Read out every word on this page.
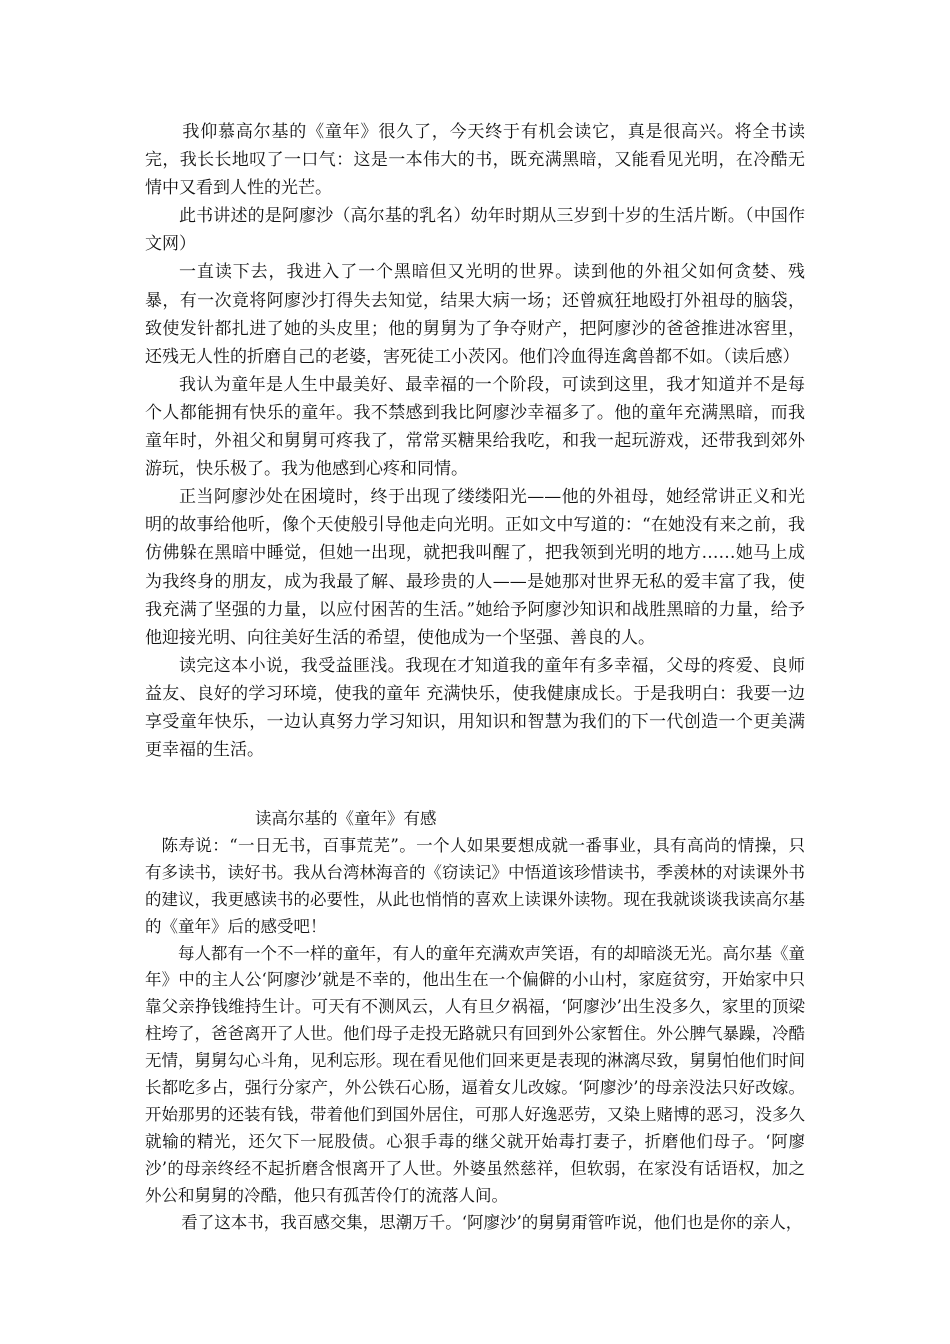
我仰慕高尔基的《童年》很久了，今天终于有机会读它，真是很高兴。将全书读完，我长长地叹了一口气：这是一本伟大的书，既充满黑暗，又能看见光明，在冷酷无情中又看到人性的光芒。

此书讲述的是阿廖沙（高尔基的乳名）幼年时期从三岁到十岁的生活片断。（中国作文网）

一直读下去，我进入了一个黑暗但又光明的世界。读到他的外祖父如何贪婪、残暴，有一次竟将阿廖沙打得失去知觉，结果大病一场；还曾疯狂地殴打外祖母的脑袋，致使发针都扎进了她的头皮里；他的舅舅为了争夺财产，把阿廖沙的爸爸推进冰窖里，还残无人性的折磨自己的老婆，害死徒工小茨冈。他们冷血得连禽兽都不如。（读后感）

我认为童年是人生中最美好、最幸福的一个阶段，可读到这里，我才知道并不是每个人都能拥有快乐的童年。我不禁感到我比阿廖沙幸福多了。他的童年充满黑暗，而我童年时，外祖父和舅舅可疼我了，常常买糖果给我吃，和我一起玩游戏，还带我到郊外游玩，快乐极了。我为他感到心疼和同情。

正当阿廖沙处在困境时，终于出现了缕缕阳光——他的外祖母，她经常讲正义和光明的故事给他听，像个天使般引导他走向光明。正如文中写道的：“在她没有来之前，我仿佛躲在黑暗中睡觉，但她一出现，就把我叫醒了，把我领到光明的地方……她马上成为我终身的朋友，成为我最了解、最珍贵的人——是她那对世界无私的爱丰富了我，使我充满了坚强的力量，以应付困苦的生活。”她给予阿廖沙知识和战胜黑暗的力量，给予他迎接光明、向往美好生活的希望，使他成为一个坚强、善良的人。

读完这本小说，我受益匪浅。我现在才知道我的童年有多幸福，父母的疼爱、良师益友、良好的学习环境，使我的童年 充满快乐，使我健康成长。于是我明白：我要一边享受童年快乐，一边认真努力学习知识，用知识和智慧为我们的下一代创造一个更美满更幸福的生活。

读高尔基的《童年》有感

陈寿说：“一日无书，百事荒芜”。一个人如果要想成就一番事业，具有高尚的情操，只有多读书，读好书。我从台湾林海音的《窃读记》中悟道该珍惜读书，季羡林的对读课外书的建议，我更感读书的必要性，从此也悄悄的喜欢上读课外读物。现在我就谈谈我读高尔基的《童年》后的感受吧！

每人都有一个不一样的童年，有人的童年充满欢声笑语，有的却暗淡无光。高尔基《童年》中的主人公‘阿廖沙’就是不幸的，他出生在一个偏僻的小山村，家庭贫穷，开始家中只靠父亲挣钱维持生计。可天有不测风云，人有旦夕祸福，‘阿廖沙’出生没多久，家里的顶梁柱垮了，爸爸离开了人世。他们母子走投无路就只有回到外公家暂住。外公脾气暴躁，冷酷无情，舅舅勾心斗角，见利忘形。现在看见他们回来更是表现的淋漓尽致，舅舅怕他们时间长都吃多占，强行分家产，外公铁石心肠，逼着女儿改嫁。‘阿廖沙’的母亲没法只好改嫁。开始那男的还装有钱，带着他们到国外居住，可那人好逸恶劳，又染上赌博的恶习，没多久就输的精光，还欠下一屁股债。心狠手毒的继父就开始毒打妻子，折磨他们母子。‘阿廖沙’的母亲终经不起折磨含恨离开了人世。外婆虽然慈祥，但软弱，在家没有话语权，加之外公和舅舅的冷酷，他只有孤苦伶仃的流落人间。

看了这本书，我百感交集，思潮万千。‘阿廖沙’的舅舅甭管咋说，他们也是你的亲人，
